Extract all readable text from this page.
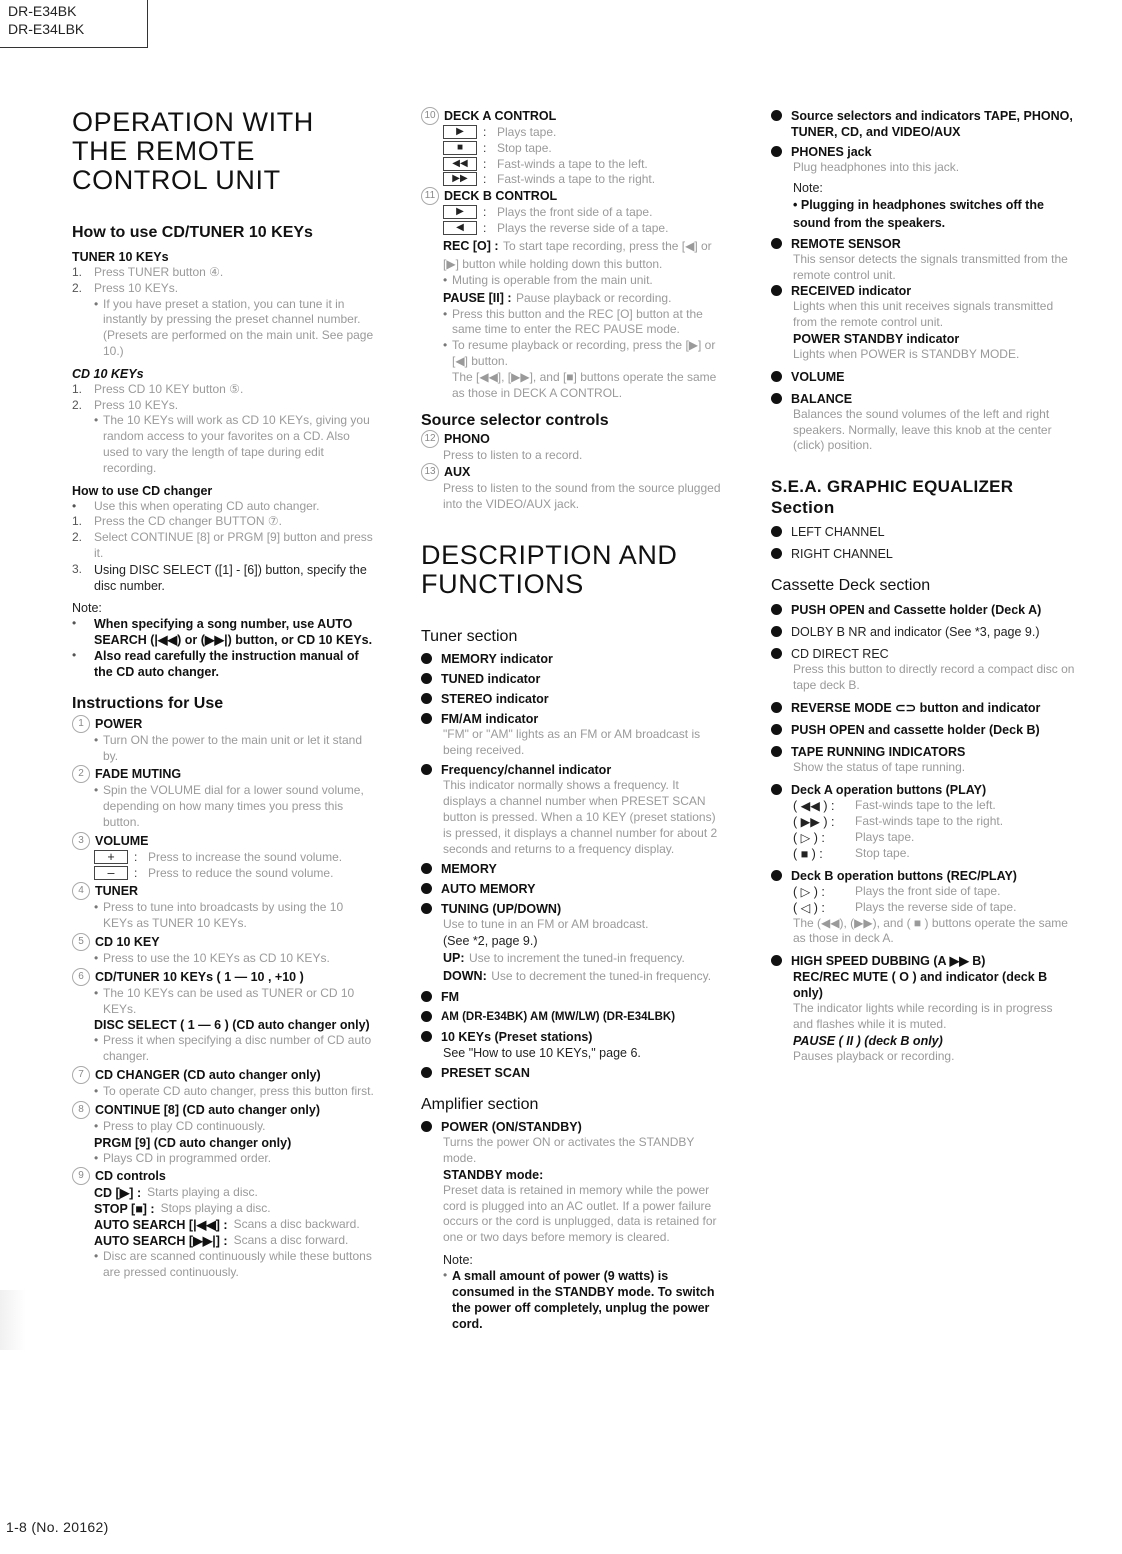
DR-E34BK
DR-E34LBK
OPERATION WITH
THE REMOTE
CONTROL UNIT
How to use CD/TUNER 10 KEYs
TUNER 10 KEYs
1. Press TUNER button ④.
2. Press 10 KEYs.
• If you have preset a station, you can tune it in instantly by pressing the preset channel number. (Presets are performed on the main unit. See page 10.)
CD 10 KEYs
1. Press CD 10 KEY button ⑤.
2. Press 10 KEYs.
• The 10 KEYs will work as CD 10 KEYs, giving you random access to your favorites on a CD. Also used to vary the length of tape during edit recording.
How to use CD changer
•	Use this when operating CD auto changer.
1. Press the CD changer BUTTON ⑦.
2. Select CONTINUE [8] or PRGM [9] button and press it.
3. Using DISC SELECT ([1] - [6]) button, specify the disc number.
Note:
•	When specifying a song number, use AUTO SEARCH (|◀◀) or (▶▶|) button, or CD 10 KEYs.
•	Also read carefully the instruction manual of the CD auto changer.
Instructions for Use
1 POWER
• Turn ON the power to the main unit or let it stand by.
2 FADE MUTING
• Spin the VOLUME dial for a lower sound volume, depending on how many times you press this button.
3 VOLUME
+	: Press to increase the sound volume.
–	: Press to reduce the sound volume.
4 TUNER
• Press to tune into broadcasts by using the 10 KEYs as TUNER 10 KEYs.
5 CD 10 KEY
• Press to use the 10 KEYs as CD 10 KEYs.
6 CD/TUNER 10 KEYs ( 1 — 10 , +10 )
• The 10 KEYs can be used as TUNER or CD 10 KEYs.
DISC SELECT ( 1 — 6 ) (CD auto changer only)
• Press it when specifying a disc number of CD auto changer.
7 CD CHANGER (CD auto changer only)
• To operate CD auto changer, press this button first.
8 CONTINUE [8] (CD auto changer only)
• Press to play CD continuously.
PRGM [9] (CD auto changer only)
• Plays CD in programmed order.
9 CD controls
CD [▶] : Starts playing a disc.
STOP [■] : Stops playing a disc.
AUTO SEARCH [|◀◀] : Scans a disc backward.
AUTO SEARCH [▶▶|] : Scans a disc forward.
• Disc are scanned continuously while these buttons are pressed continuously.
10 DECK A CONTROL
▶	: Plays tape.
■	: Stop tape.
◀◀	: Fast-winds a tape to the left.
▶▶	: Fast-winds a tape to the right.
11 DECK B CONTROL
▶	: Plays the front side of a tape.
◀	: Plays the reverse side of a tape.
REC [O] : To start tape recording, press the [◀] or [▶] button while holding down this button.
• Muting is operable from the main unit.
PAUSE [II] : Pause playback or recording.
• Press this button and the REC [O] button at the same time to enter the REC PAUSE mode.
• To resume playback or recording, press the [▶] or [◀] button.
The [◀◀], [▶▶], and [■] buttons operate the same as those in DECK A CONTROL.
Source selector controls
12 PHONO
Press to listen to a record.
13 AUX
Press to listen to the sound from the source plugged into the VIDEO/AUX jack.
DESCRIPTION AND
FUNCTIONS
Tuner section
MEMORY indicator
TUNED indicator
STEREO indicator
FM/AM indicator
"FM" or "AM" lights as an FM or AM broadcast is being received.
Frequency/channel indicator
This indicator normally shows a frequency. It displays a channel number when PRESET SCAN button is pressed. When a 10 KEY (preset stations) is pressed, it displays a channel number for about 2 seconds and returns to a frequency display.
MEMORY
AUTO MEMORY
TUNING (UP/DOWN)
Use to tune in an FM or AM broadcast.
(See *2, page 9.)
UP: Use to increment the tuned-in frequency.
DOWN: Use to decrement the tuned-in frequency.
FM
AM (DR-E34BK) AM (MW/LW) (DR-E34LBK)
10 KEYs (Preset stations)
See "How to use 10 KEYs," page 6.
PRESET SCAN
Amplifier section
POWER (ON/STANDBY)
Turns the power ON or activates the STANDBY mode.
STANDBY mode:
Preset data is retained in memory while the power cord is plugged into an AC outlet. If a power failure occurs or the cord is unplugged, data is retained for one or two days before memory is cleared.
Note:
• A small amount of power (9 watts) is consumed in the STANDBY mode. To switch the power off completely, unplug the power cord.
Source selectors and indicators TAPE, PHONO, TUNER, CD, and VIDEO/AUX
PHONES jack
Plug headphones into this jack.
Note:
• Plugging in headphones switches off the sound from the speakers.
REMOTE SENSOR
This sensor detects the signals transmitted from the remote control unit.
RECEIVED indicator
Lights when this unit receives signals transmitted from the remote control unit.
POWER STANDBY indicator
Lights when POWER is STANDBY MODE.
VOLUME
BALANCE
Balances the sound volumes of the left and right speakers. Normally, leave this knob at the center (click) position.
S.E.A. GRAPHIC EQUALIZER Section
LEFT CHANNEL
RIGHT CHANNEL
Cassette Deck section
PUSH OPEN and Cassette holder (Deck A)
DOLBY B NR and indicator (See *3, page 9.)
CD DIRECT REC
Press this button to directly record a compact disc on tape deck B.
REVERSE MODE ⊂⊃ button and indicator
PUSH OPEN and cassette holder (Deck B)
TAPE RUNNING INDICATORS
Show the status of tape running.
Deck A operation buttons (PLAY)
( ◀◀ ) :	Fast-winds tape to the left.
( ▶▶ ) :	Fast-winds tape to the right.
( ▷ ) :	Plays tape.
( ■ ) :	Stop tape.
Deck B operation buttons (REC/PLAY)
( ▷ ) :	Plays the front side of tape.
( ◁ ) :	Plays the reverse side of tape.
The (◀◀), (▶▶), and ( ■ ) buttons operate the same as those in deck A.
HIGH SPEED DUBBING (A ▶▶ B)
REC/REC MUTE ( O ) and indicator (deck B only)
The indicator lights while recording is in progress and flashes while it is muted.
PAUSE ( II ) (deck B only)
Pauses playback or recording.
1-8 (No. 20162)
